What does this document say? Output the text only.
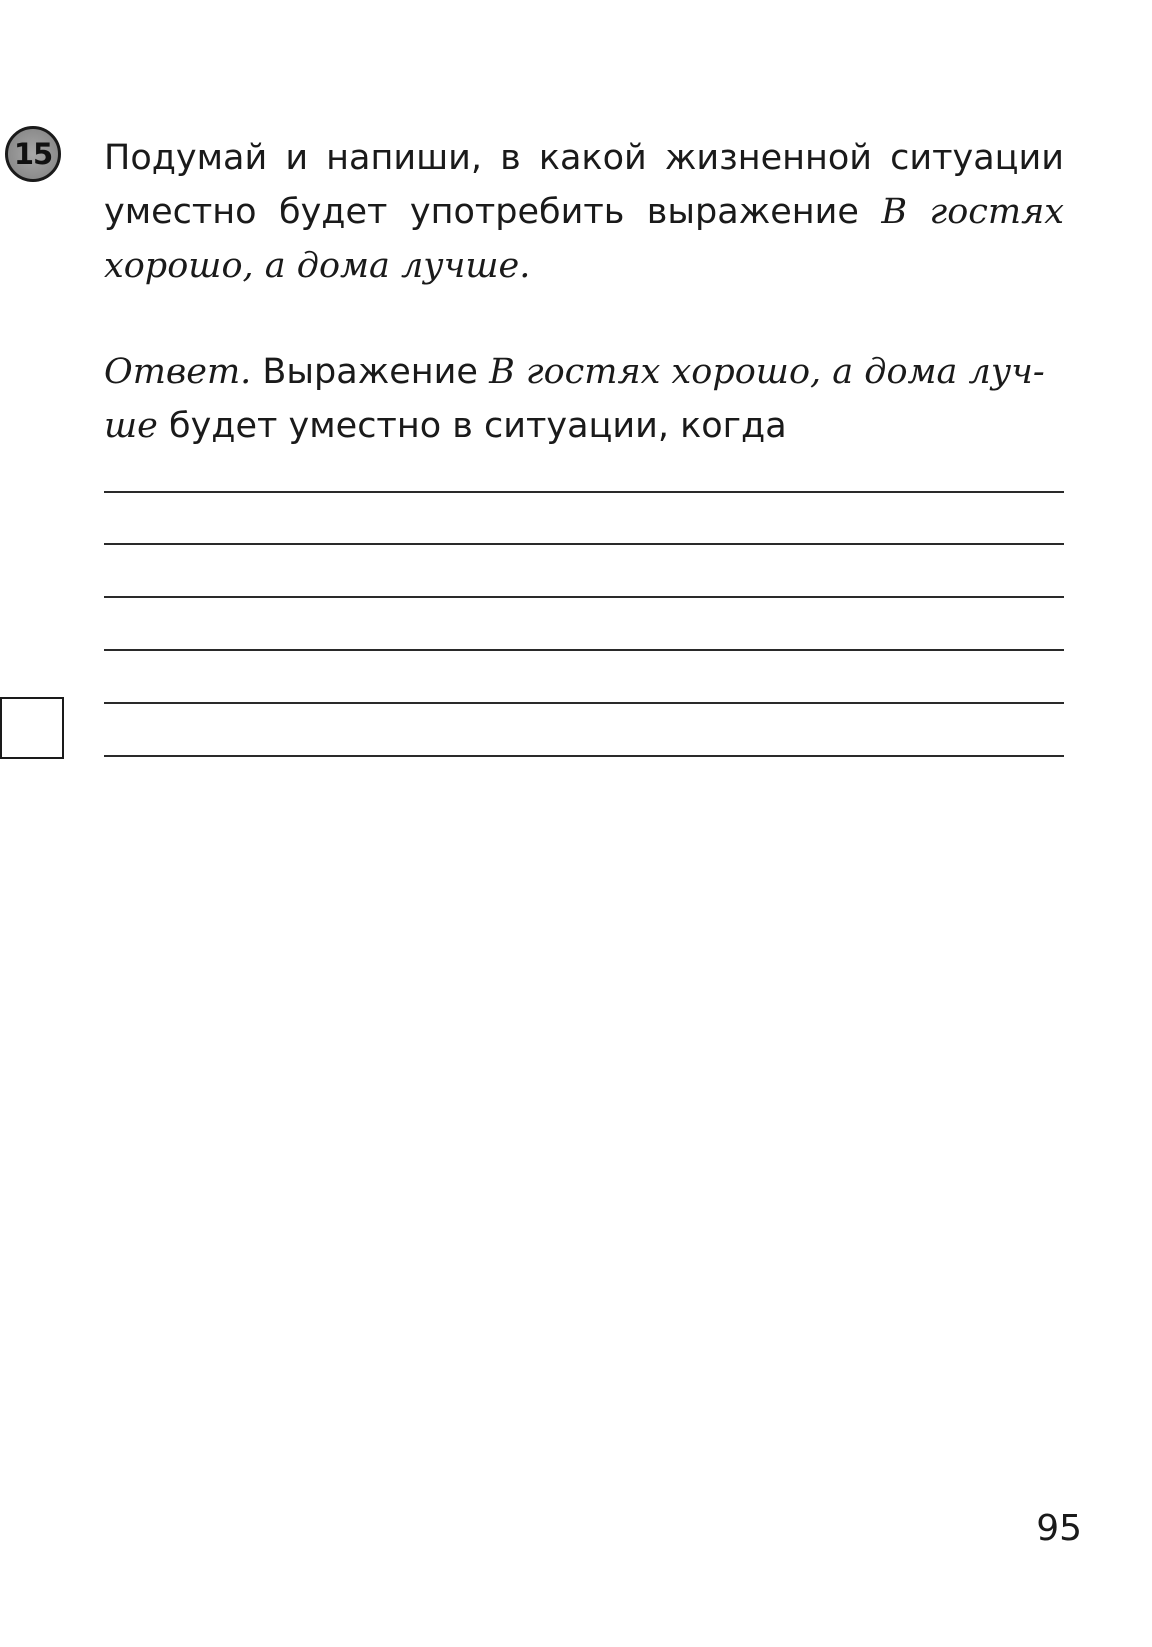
15 Подумай и напиши, в какой жизненной ситуации уместно будет употребить выражение В гостях хорошо, а дома лучше.
Ответ. Выражение В гостях хорошо, а дома луч-ше будет уместно в ситуации, когда
95
